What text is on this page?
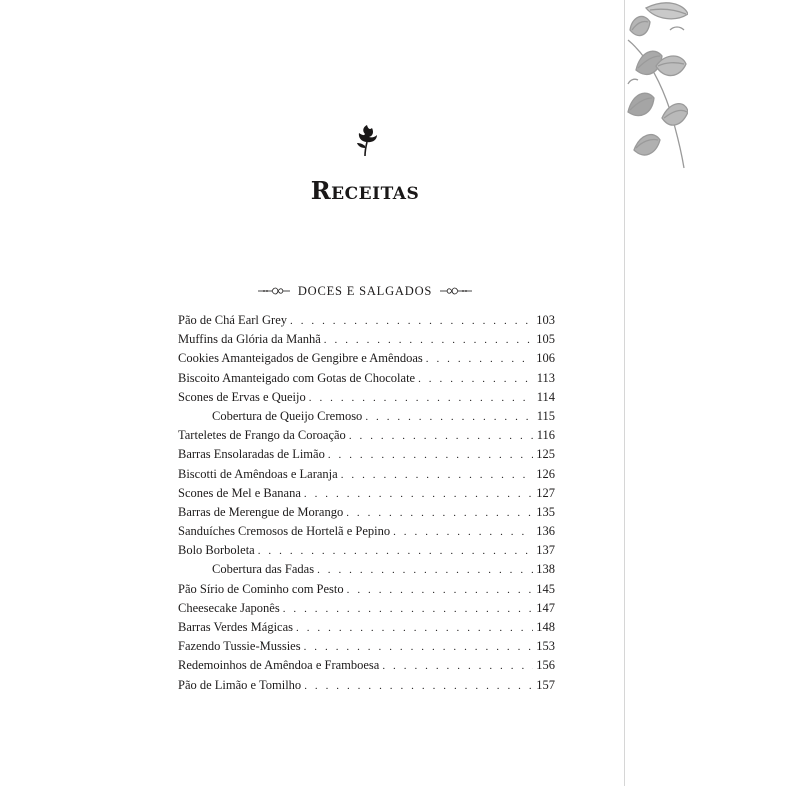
Receitas
DOCES E SALGADOS
Pão de Chá Earl Grey . . .	103
Muffins da Glória da Manhã . . .	105
Cookies Amanteigados de Gengibre e Amêndoas . . .	106
Biscoito Amanteigado com Gotas de Chocolate . . .	113
Scones de Ervas e Queijo . . .	114
Cobertura de Queijo Cremoso . . .	115
Tarteletes de Frango da Coroação . . .	116
Barras Ensolaradas de Limão . . .	125
Biscotti de Amêndoas e Laranja . . .	126
Scones de Mel e Banana . . .	127
Barras de Merengue de Morango . . .	135
Sanduíches Cremosos de Hortelã e Pepino . . .	136
Bolo Borboleta . . .	137
Cobertura das Fadas . . .	138
Pão Sírio de Cominho com Pesto . . .	145
Cheesecake Japonês . . .	147
Barras Verdes Mágicas . . .	148
Fazendo Tussie-Mussies . . .	153
Redemoinhos de Amêndoa e Framboesa . . .	156
Pão de Limão e Tomilho . . .	157
